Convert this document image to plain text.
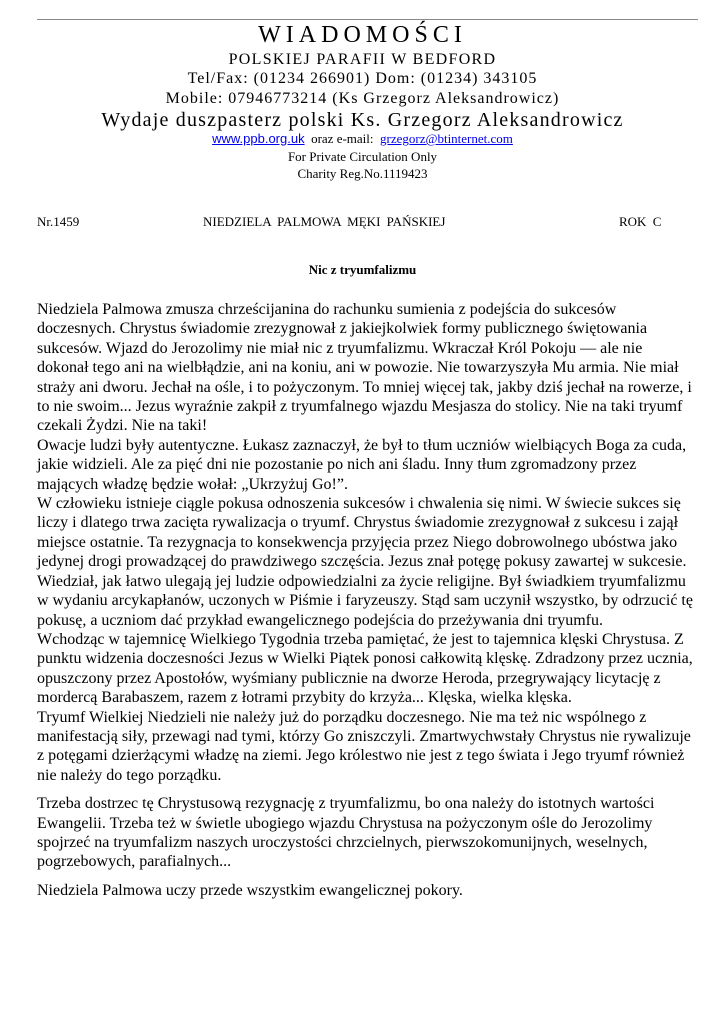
WIADOMOŚCI
POLSKIEJ PARAFII W BEDFORD
Tel/Fax: (01234 266901) Dom: (01234) 343105
Mobile: 07946773214 (Ks Grzegorz Aleksandrowicz)
Wydaje duszpasterz polski Ks. Grzegorz Aleksandrowicz
www.ppb.org.uk oraz e-mail: grzegorz@btinternet.com
For Private Circulation Only
Charity Reg.No.1119423
Nr.1459	NIEDZIELA PALMOWA MĘKI PAŃSKIEJ	ROK C
Nic z tryumfalizmu

Niedziela Palmowa zmusza chrześcijanina do rachunku sumienia z podejścia do sukcesów doczesnych. Chrystus świadomie zrezygnował z jakiejkolwiek formy publicznego świętowania sukcesów. Wjazd do Jerozolimy nie miał nic z tryumfalizmu. Wkraczał Król Pokoju — ale nie dokonał tego ani na wielbłądzie, ani na koniu, ani w powozie. Nie towarzyszyła Mu armia. Nie miał straży ani dworu. Jechał na ośle, i to pożyczonym. To mniej więcej tak, jakby dziś jechał na rowerze, i to nie swoim... Jezus wyraźnie zakpił z tryumfalnego wjazdu Mesjasza do stolicy. Nie na taki tryumf czekali Żydzi. Nie na taki!

Owacje ludzi były autentyczne. Łukasz zaznaczył, że był to tłum uczniów wielbiących Boga za cuda, jakie widzieli. Ale za pięć dni nie pozostanie po nich ani śladu. Inny tłum zgromadzony przez mających władzę będzie wołał: „Ukrzyżuj Go!”.

W człowieku istnieje ciągle pokusa odnoszenia sukcesów i chwalenia się nimi. W świecie sukces się liczy i dlatego trwa zacięta rywalizacja o tryumf. Chrystus świadomie zrezygnował z sukcesu i zajął miejsce ostatnie. Ta rezygnacja to konsekwencja przyjęcia przez Niego dobrowolnego ubóstwa jako jedynej drogi prowadzącej do prawdziwego szczęścia. Jezus znał potęgę pokusy zawartej w sukcesie. Wiedział, jak łatwo ulegają jej ludzie odpowiedzialni za życie religijne. Był świadkiem tryumfalizmu w wydaniu arcykapłanów, uczonych w Piśmie i faryzeuszy. Stąd sam uczynił wszystko, by odrzucić tę pokusę, a uczniom dać przykład ewangelicznego podejścia do przeżywania dni tryumfu.

Wchodząc w tajemnicę Wielkiego Tygodnia trzeba pamiętać, że jest to tajemnica klęski Chrystusa. Z punktu widzenia doczesności Jezus w Wielki Piątek ponosi całkowitą klęskę. Zdradzony przez ucznia, opuszczony przez Apostołów, wyśmiany publicznie na dworze Heroda, przegrywający licytację z mordercą Barabaszem, razem z łotrami przybity do krzyża... Klęska, wielka klęska.

Tryumf Wielkiej Niedzieli nie należy już do porządku doczesnego. Nie ma też nic wspólnego z manifestacją siły, przewagi nad tymi, którzy Go zniszczyli. Zmartwychwstały Chrystus nie rywalizuje z potęgami dzierżącymi władzę na ziemi. Jego królestwo nie jest z tego świata i Jego tryumf również nie należy do tego porządku.

Trzeba dostrzec tę Chrystusową rezygnację z tryumfalizmu, bo ona należy do istotnych wartości Ewangelii. Trzeba też w świetle ubogiego wjazdu Chrystusa na pożyczonym ośle do Jerozolimy spojrzeć na tryumfalizm naszych uroczystości chrzcielnych, pierwszokomunijnych, weselnych, pogrzebowych, parafialnych...

Niedziela Palmowa uczy przede wszystkim ewangelicznej pokory.
